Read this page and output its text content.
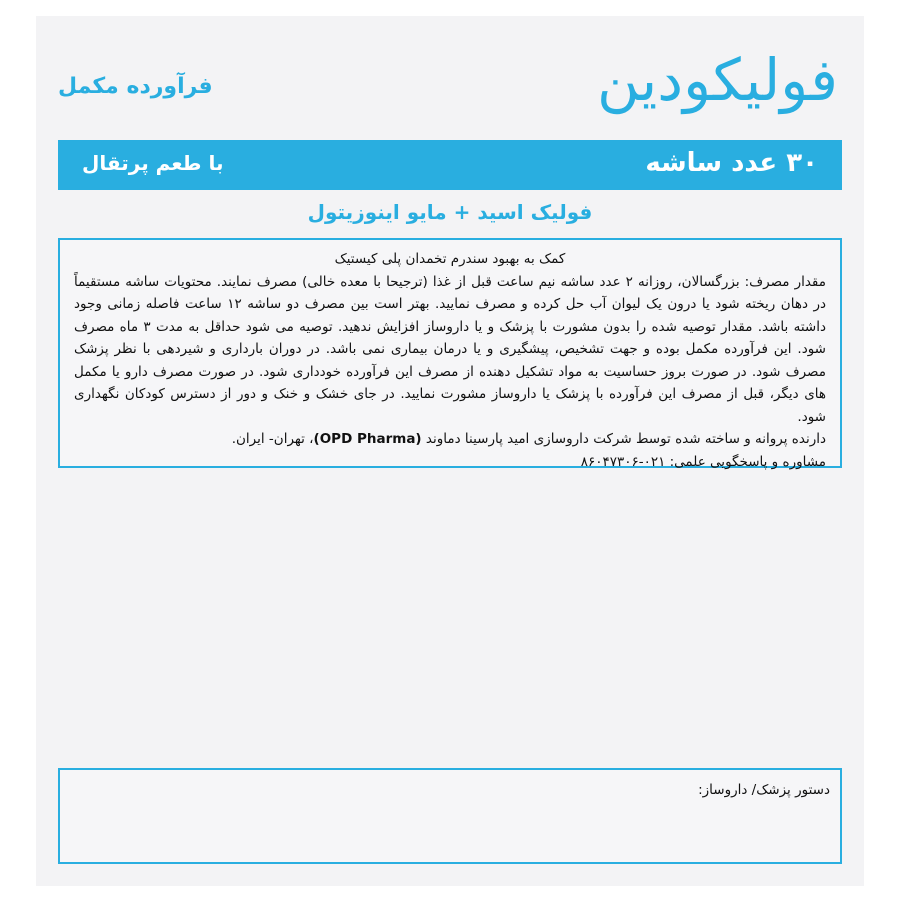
فولیکودین
فرآورده مکمل
۳۰ عدد ساشه
با طعم پرتقال

فولیک اسید + مایو اینوزیتول

کمک به بهبود سندرم تخمدان پلی کیستیک

مقدار مصرف: بزرگسالان، روزانه ۲ عدد ساشه نیم ساعت قبل از غذا (ترجیحا با معده خالی) مصرف نمایند. محتویات ساشه مستقیماً در دهان ریخته شود یا درون یک لیوان آب حل کرده و مصرف نمایید. بهتر است بین مصرف دو ساشه ۱۲ ساعت فاصله زمانی وجود داشته باشد. مقدار توصیه شده را بدون مشورت با پزشک و یا داروساز افزایش ندهید. توصیه می شود حداقل به مدت ۳ ماه مصرف شود. این فرآورده مکمل بوده و جهت تشخیص، پیشگیری و یا درمان بیماری نمی باشد. در دوران بارداری و شیردهی با نظر پزشک مصرف شود. در صورت بروز حساسیت به مواد تشکیل دهنده از مصرف این فرآورده خودداری شود. در صورت مصرف دارو یا مکمل های دیگر، قبل از مصرف این فرآورده با پزشک یا داروساز مشورت نمایید. در جای خشک و خنک و دور از دسترس کودکان نگهداری شود.

دارنده پروانه و ساخته شده توسط شرکت داروسازی امید پارسینا دماوند (OPD Pharma)، تهران- ایران.

مشاوره و پاسخگویی علمی: ۰۲۱-۸۶۰۴۷۳۰۶

دستور پزشک/ داروساز:
